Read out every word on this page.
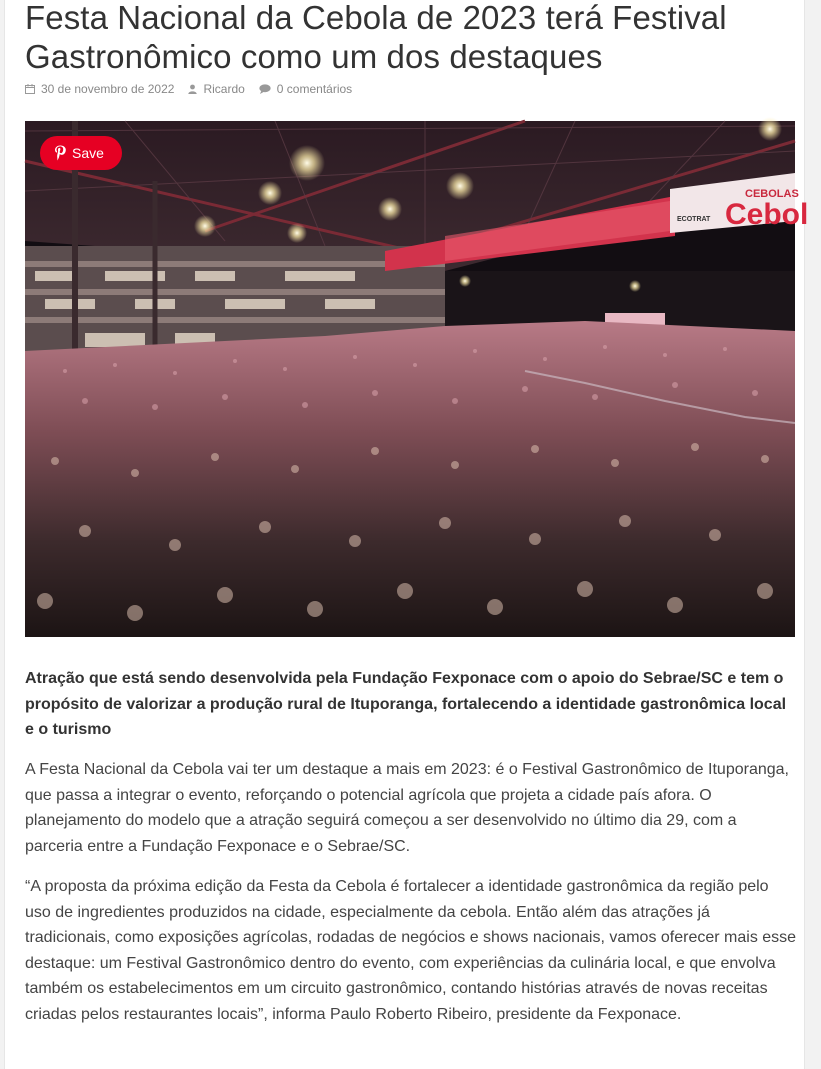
Festa Nacional da Cebola de 2023 terá Festival Gastronômico como um dos destaques
30 de novembro de 2022 Ricardo	0 comentários
CEBOLAS
Cebol
ECOTRAT
Save

Atração que está sendo desenvolvida pela Fundação Fexponace com o apoio do Sebrae/SC e tem o propósito de valorizar a produção rural de Ituporanga, fortalecendo a identidade gastronômica local e o turismo

A Festa Nacional da Cebola vai ter um destaque a mais em 2023: é o Festival Gastronômico de Ituporanga, que passa a integrar o evento, reforçando o potencial agrícola que projeta a cidade país afora. O planejamento do modelo que a atração seguirá começou a ser desenvolvido no último dia 29, com a parceria entre a Fundação Fexponace e o Sebrae/SC.

“A proposta da próxima edição da Festa da Cebola é fortalecer a identidade gastronômica da região pelo uso de ingredientes produzidos na cidade, especialmente da cebola. Então além das atrações já tradicionais, como exposições agrícolas, rodadas de negócios e shows nacionais, vamos oferecer mais esse destaque: um Festival Gastronômico dentro do evento, com experiências da culinária local, e que envolva também os estabelecimentos em um circuito gastronômico, contando histórias através de novas receitas criadas pelos restaurantes locais”, informa Paulo Roberto Ribeiro, presidente da Fexponace.
